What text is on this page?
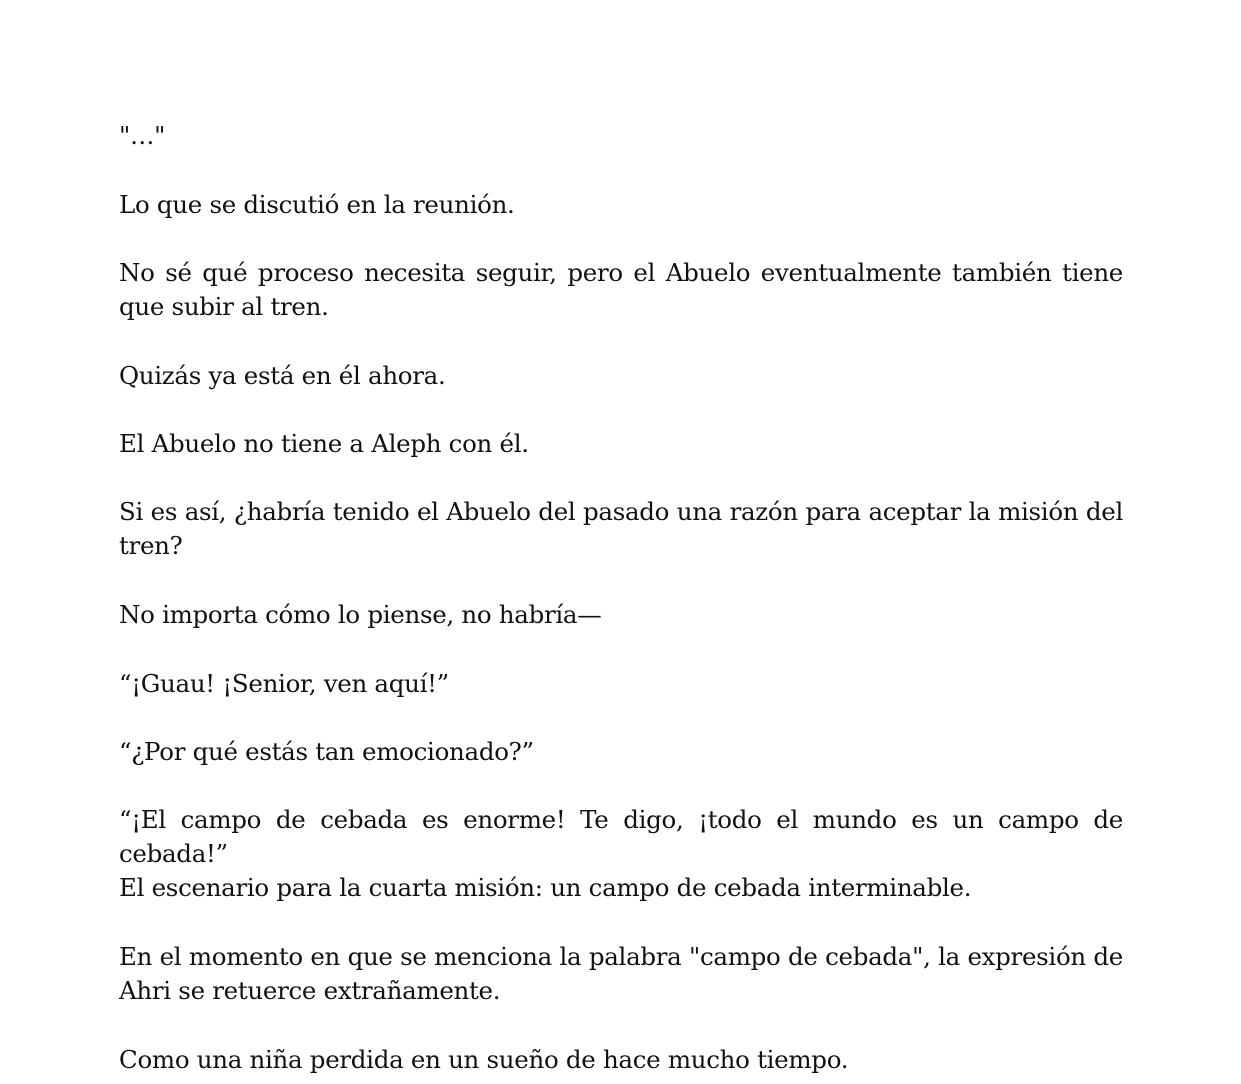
"…"

Lo que se discutió en la reunión.

No sé qué proceso necesita seguir, pero el Abuelo eventualmente también tiene que subir al tren.

Quizás ya está en él ahora.

El Abuelo no tiene a Aleph con él.

Si es así, ¿habría tenido el Abuelo del pasado una razón para aceptar la misión del tren?

No importa cómo lo piense, no habría—

“¡Guau! ¡Senior, ven aquí!”

“¿Por qué estás tan emocionado?”

“¡El campo de cebada es enorme! Te digo, ¡todo el mundo es un campo de cebada!”

El escenario para la cuarta misión: un campo de cebada interminable.

En el momento en que se menciona la palabra "campo de cebada", la expresión de Ahri se retuerce extrañamente.

Como una niña perdida en un sueño de hace mucho tiempo.
